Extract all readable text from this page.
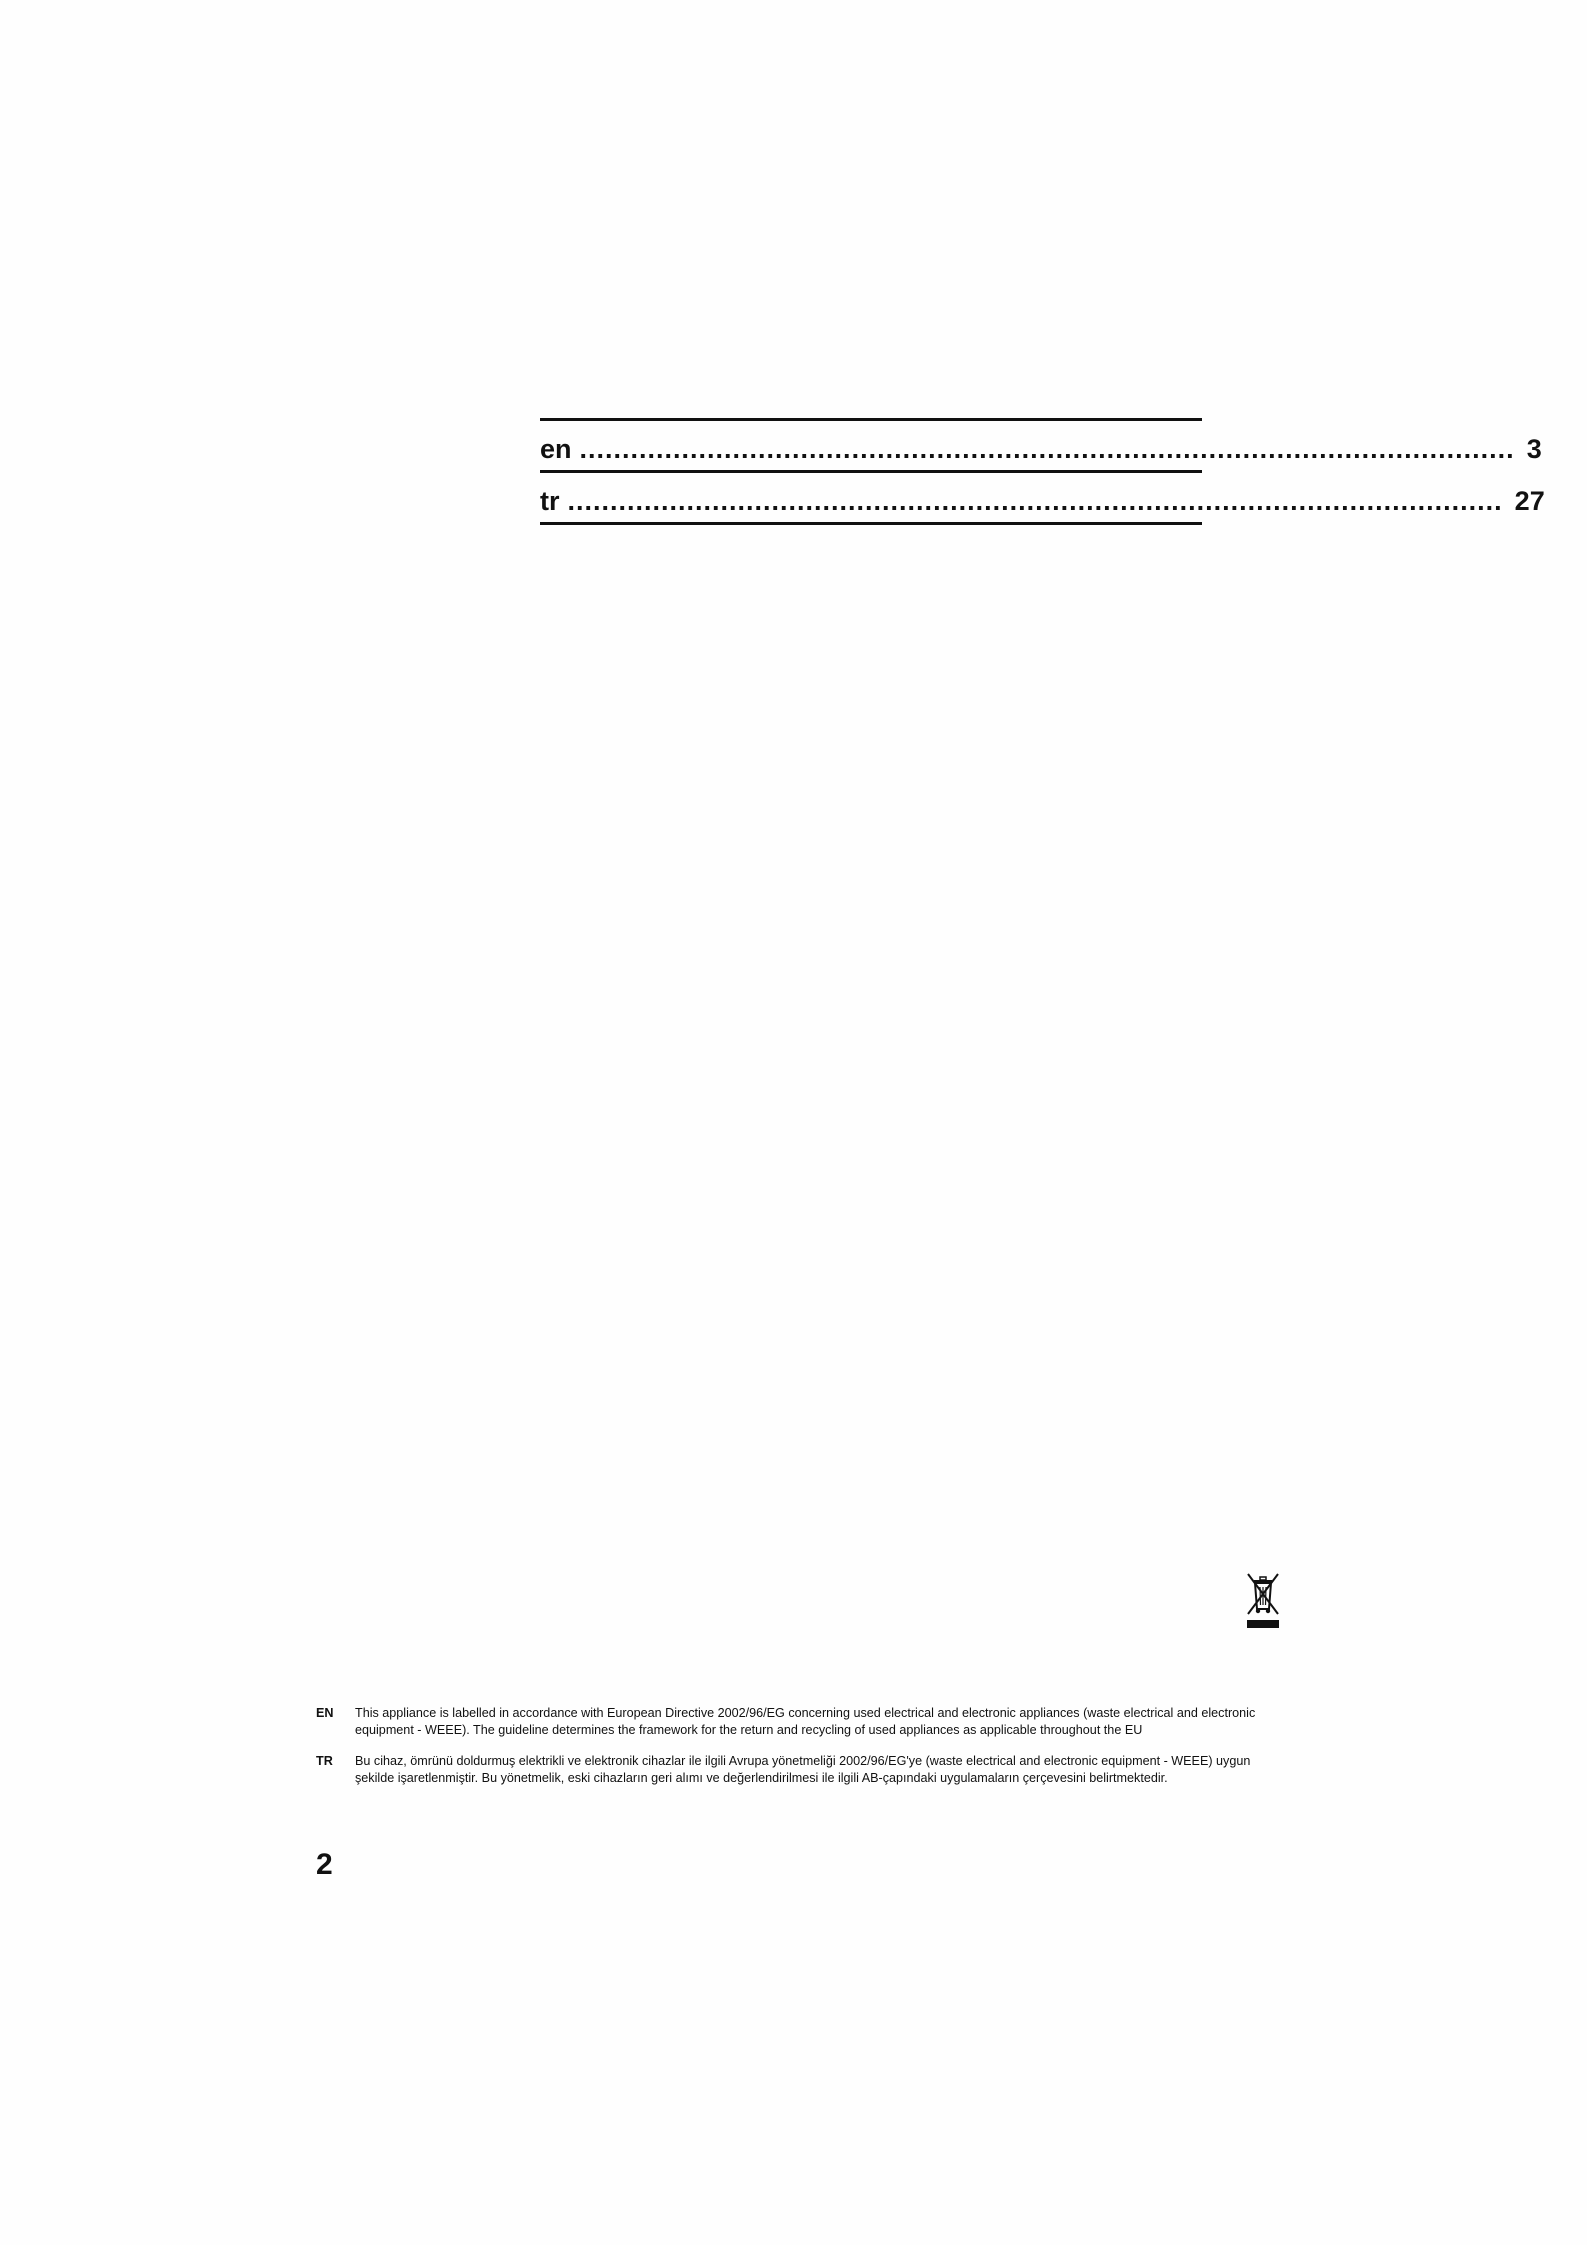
en .............................................................................................................. 3
tr .............................................................................................................. 27
EN	This appliance is labelled in accordance with European Directive 2002/96/EG concerning used electrical and electronic appliances (waste electrical and electronic equipment - WEEE). The guideline determines the framework for the return and recycling of used appliances as applicable throughout the EU
TR	Bu cihaz, ömrünü doldurmuş elektrikli ve elektronik cihazlar ile ilgili Avrupa yönetmeliği 2002/96/EG'ye (waste electrical and electronic equipment - WEEE) uygun şekilde işaretlenmiştir. Bu yönetmelik, eski cihazların geri alımı ve değerlendirilmesi ile ilgili AB-çapındaki uygulamaların çerçevesini belirtmektedir.
2
